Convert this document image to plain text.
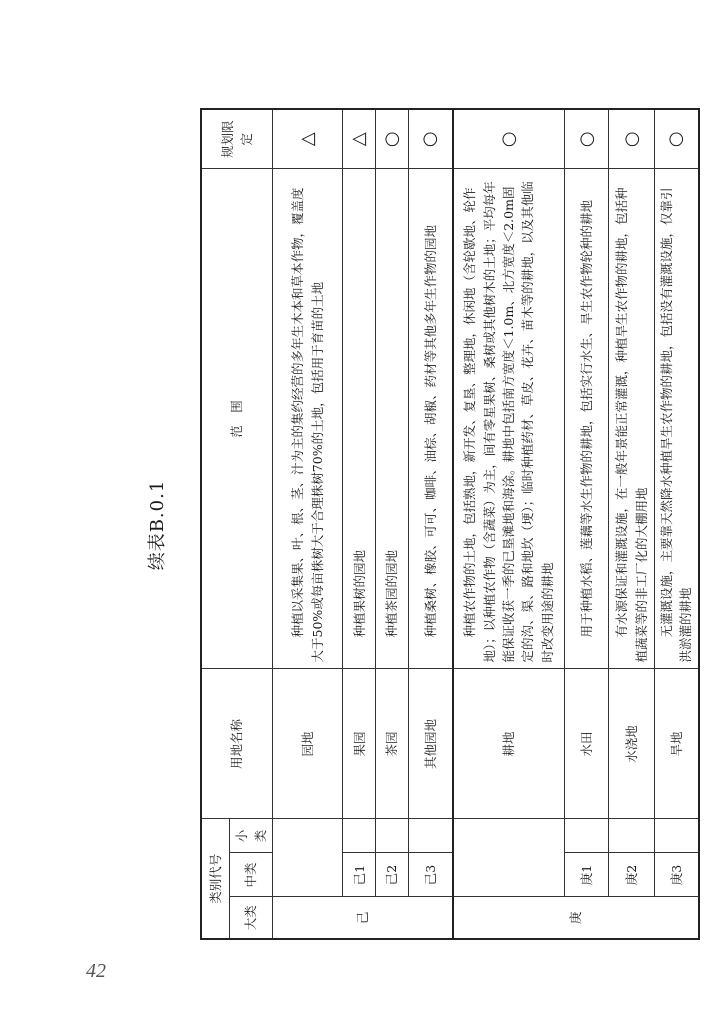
42
续表B.0.1
类别代号			用地名称	范　围	规划限定
大类	中类	小类			
己			园地	种植以采集果、叶、根、茎、汁为主的集约经营的多年生木本和草本作物，覆盖度大于50%或每亩株树大于合理株树70%的土地，包括用于育苗的土地	△
	己1		果园	种植果树的园地	△
	己2		茶园	种植茶园的园地	○
	己3		其他园地	种植桑树、橡胶、可可、咖啡、油棕、胡椒、药材等其他多年生作物的园地	○
庚			耕地	种植农作物的土地，包括熟地，新开发、复垦、整理地，休闲地（含轮歇地、轮作地）；以种植农作物（含蔬菜）为主，间有零星果树、桑树或其他树木的土地；平均每年能保证收获一季的已垦滩地和海涂。耕地中包括南方宽度＜1.0m、北方宽度＜2.0m固定的沟、渠、路和地坎（埂）；临时种植药材、草皮、花卉、苗木等的耕地，以及其他临时改变用途的耕地	○
	庚1		水田	用于种植水稻、莲藕等水生作物的耕地，包括实行水生、旱生农作物轮种的耕地	○
	庚2		水浇地	有水源保证和灌溉设施，在一般年景能正常灌溉，种植旱生农作物的耕地，包括种植蔬菜等的非工厂化的大棚用地	○
	庚3		旱地	无灌溉设施，主要靠天然降水种植旱生农作物的耕地，包括没有灌溉设施，仅靠引洪淤灌的耕地	○
